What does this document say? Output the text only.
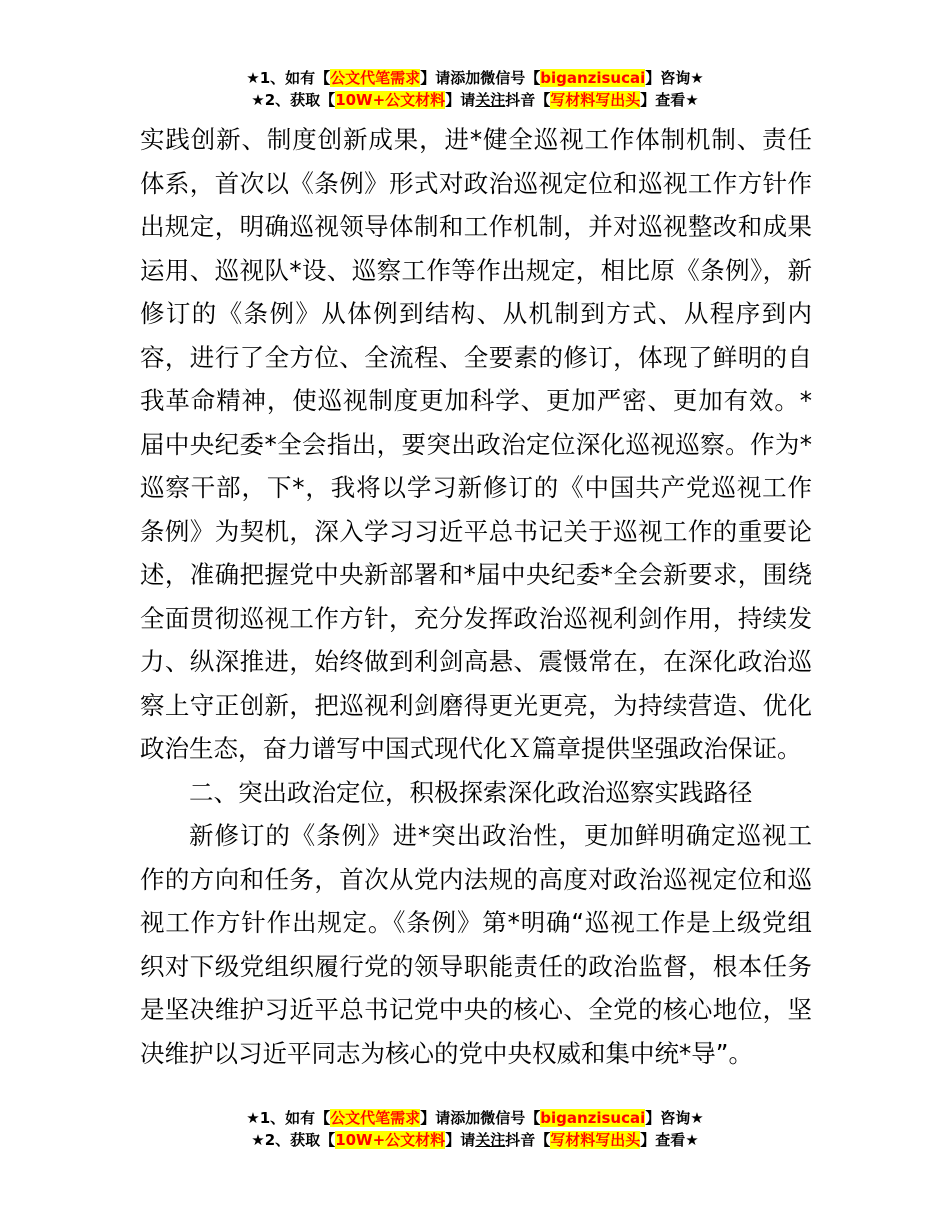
★1、如有【公文代笔需求】请添加微信号【biganzisucai】咨询★
★2、获取【10W+公文材料】请关注抖音【写材料写出头】查看★

实践创新、制度创新成果，进*健全巡视工作体制机制、责任体系，首次以《条例》形式对政治巡视定位和巡视工作方针作出规定，明确巡视领导体制和工作机制，并对巡视整改和成果运用、巡视队*设、巡察工作等作出规定，相比原《条例》，新修订的《条例》从体例到结构、从机制到方式、从程序到内容，进行了全方位、全流程、全要素的修订，体现了鲜明的自我革命精神，使巡视制度更加科学、更加严密、更加有效。*届中央纪委*全会指出，要突出政治定位深化巡视巡察。作为*巡察干部，下*，我将以学习新修订的《中国共产党巡视工作条例》为契机，深入学习习近平总书记关于巡视工作的重要论述，准确把握党中央新部署和*届中央纪委*全会新要求，围绕全面贯彻巡视工作方针，充分发挥政治巡视利剑作用，持续发力、纵深推进，始终做到利剑高悬、震慑常在，在深化政治巡察上守正创新，把巡视利剑磨得更光更亮，为持续营造、优化政治生态，奋力谱写中国式现代化Ｘ篇章提供坚强政治保证。

二、突出政治定位，积极探索深化政治巡察实践路径

新修订的《条例》进*突出政治性，更加鲜明确定巡视工作的方向和任务，首次从党内法规的高度对政治巡视定位和巡视工作方针作出规定。《条例》第*明确“巡视工作是上级党组织对下级党组织履行党的领导职能责任的政治监督，根本任务是坚决维护习近平总书记党中央的核心、全党的核心地位，坚决维护以习近平同志为核心的党中央权威和集中统*导”。

★1、如有【公文代笔需求】请添加微信号【biganzisucai】咨询★
★2、获取【10W+公文材料】请关注抖音【写材料写出头】查看★
